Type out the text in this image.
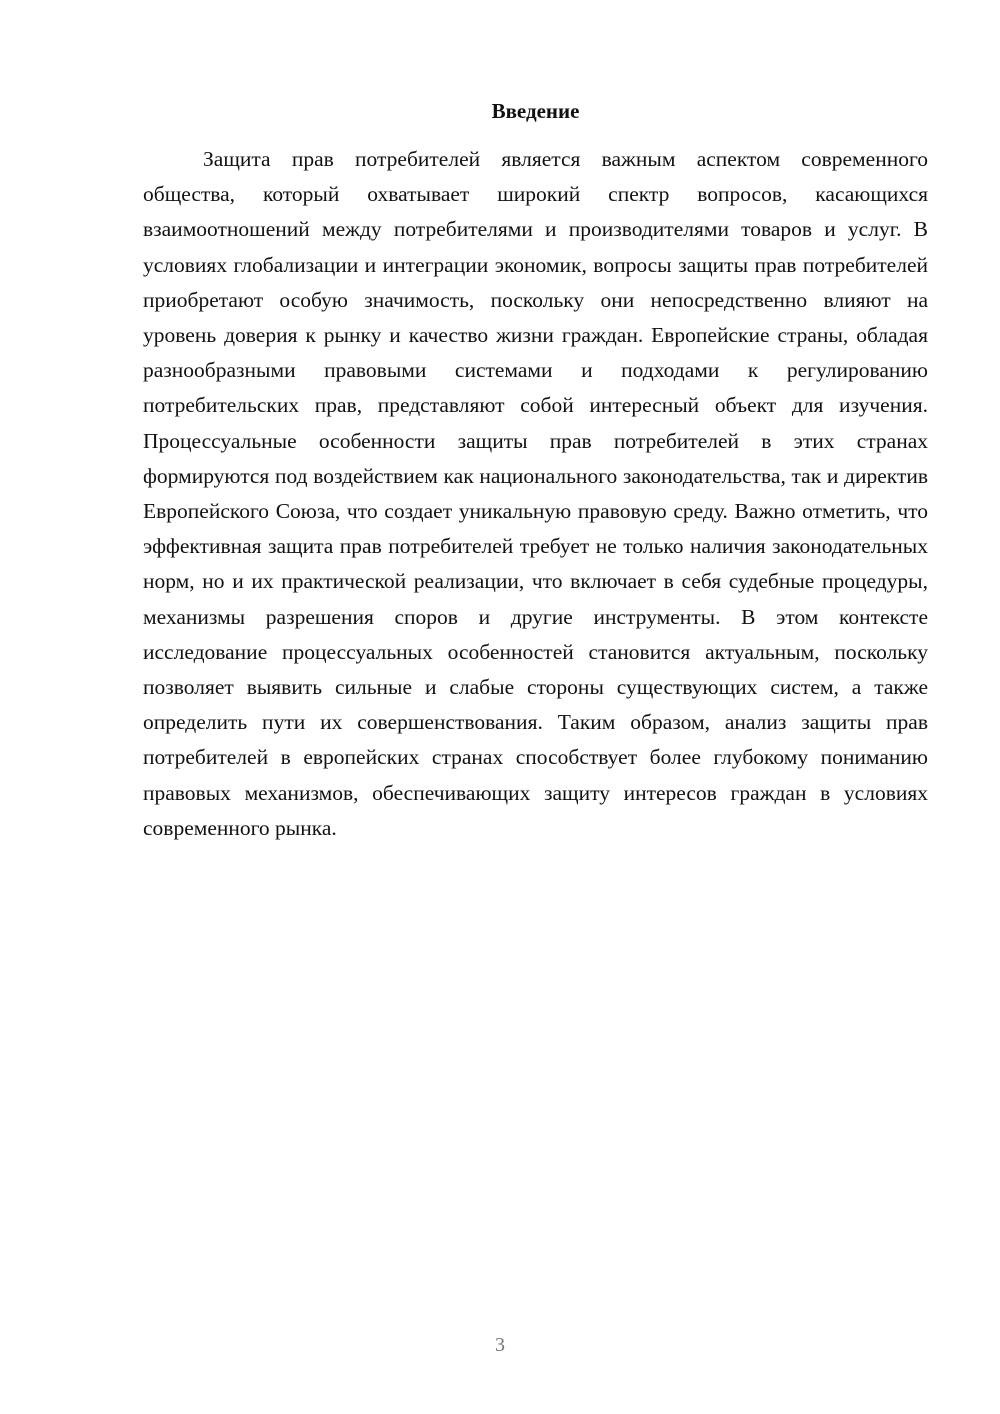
Введение

Защита прав потребителей является важным аспектом современного общества, который охватывает широкий спектр вопросов, касающихся взаимоотношений между потребителями и производителями товаров и услуг. В условиях глобализации и интеграции экономик, вопросы защиты прав потребителей приобретают особую значимость, поскольку они непосредственно влияют на уровень доверия к рынку и качество жизни граждан. Европейские страны, обладая разнообразными правовыми системами и подходами к регулированию потребительских прав, представляют собой интересный объект для изучения. Процессуальные особенности защиты прав потребителей в этих странах формируются под воздействием как национального законодательства, так и директив Европейского Союза, что создает уникальную правовую среду. Важно отметить, что эффективная защита прав потребителей требует не только наличия законодательных норм, но и их практической реализации, что включает в себя судебные процедуры, механизмы разрешения споров и другие инструменты. В этом контексте исследование процессуальных особенностей становится актуальным, поскольку позволяет выявить сильные и слабые стороны существующих систем, а также определить пути их совершенствования. Таким образом, анализ защиты прав потребителей в европейских странах способствует более глубокому пониманию правовых механизмов, обеспечивающих защиту интересов граждан в условиях современного рынка.

3
